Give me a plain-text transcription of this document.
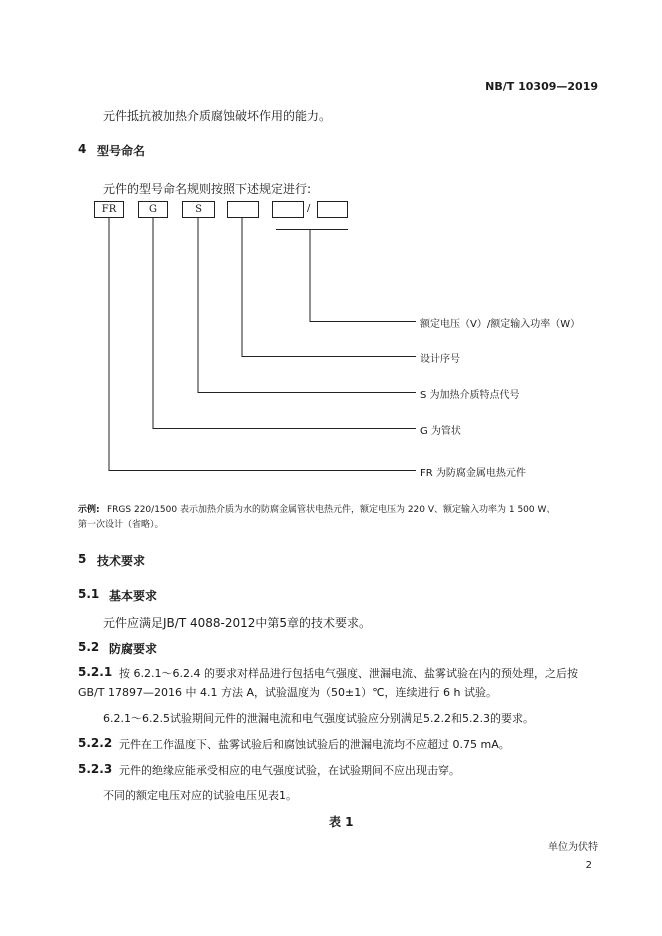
NB/T 10309—2019
元件抵抗被加热介质腐蚀破坏作用的能力。
4 型号命名
元件的型号命名规则按照下述规定进行:
FR	G	S	/
额定电压（V）/额定输入功率（W）
设计序号
S 为加热介质特点代号
G 为管状
FR 为防腐金属电热元件
示例: FRGS 220/1500 表示加热介质为水的防腐金属管状电热元件，额定电压为 220 V、额定输入功率为 1 500 W、
第一次设计（省略）。
5 技术要求
5.1 基本要求
元件应满足JB/T 4088-2012中第5章的技术要求。
5.2 防腐要求
5.2.1 按 6.2.1～6.2.4 的要求对样品进行包括电气强度、泄漏电流、盐雾试验在内的预处理，之后按
GB/T 17897—2016 中 4.1 方法 A，试验温度为（50±1）℃，连续进行 6 h 试验。
6.2.1～6.2.5试验期间元件的泄漏电流和电气强度试验应分别满足5.2.2和5.2.3的要求。
5.2.2 元件在工作温度下、盐雾试验后和腐蚀试验后的泄漏电流均不应超过 0.75 mA。
5.2.3 元件的绝缘应能承受相应的电气强度试验，在试验期间不应出现击穿。
不同的额定电压对应的试验电压见表1。
表 1
单位为伏特
2
